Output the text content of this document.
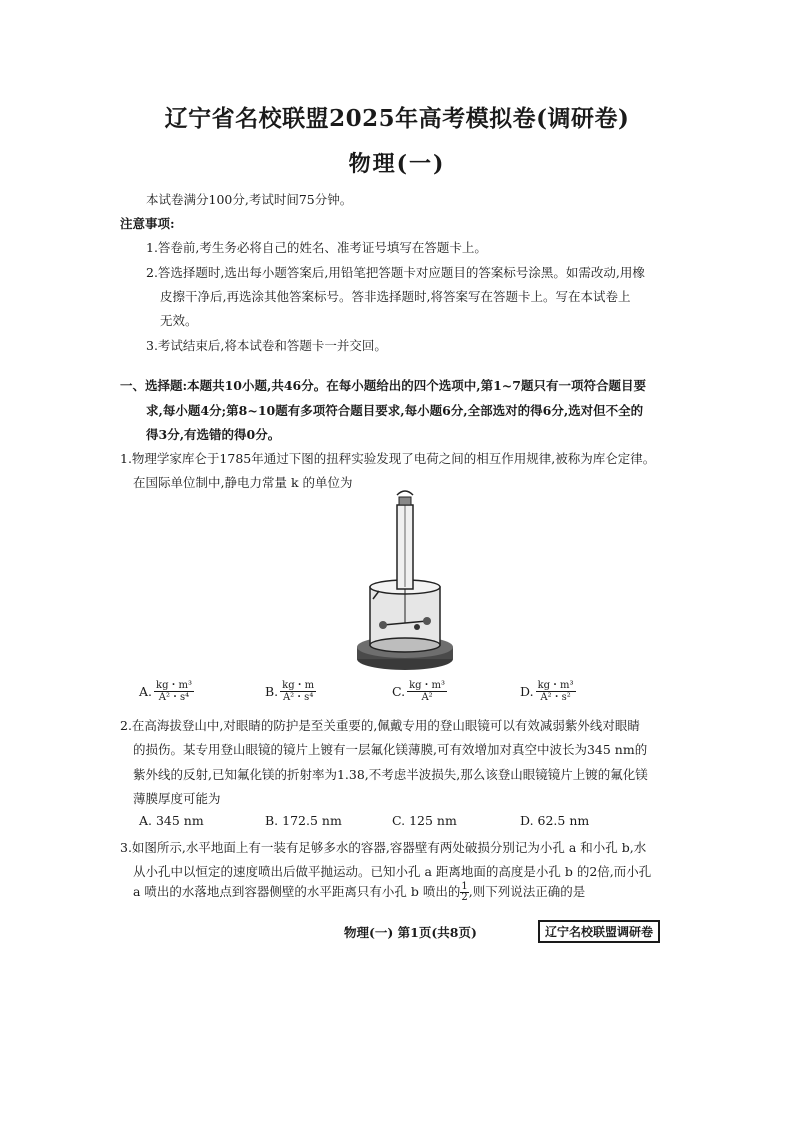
辽宁省名校联盟2025年高考模拟卷(调研卷)
物理(一)
本试卷满分100分,考试时间75分钟。
注意事项:
1.答卷前,考生务必将自己的姓名、准考证号填写在答题卡上。
2.答选择题时,选出每小题答案后,用铅笔把答题卡对应题目的答案标号涂黑。如需改动,用橡
皮擦干净后,再选涂其他答案标号。答非选择题时,将答案写在答题卡上。写在本试卷上
无效。
3.考试结束后,将本试卷和答题卡一并交回。
一、选择题:本题共10小题,共46分。在每小题给出的四个选项中,第1~7题只有一项符合题目要
求,每小题4分;第8~10题有多项符合题目要求,每小题6分,全部选对的得6分,选对但不全的
得3分,有选错的得0分。
1.物理学家库仑于1785年通过下图的扭秤实验发现了电荷之间的相互作用规律,被称为库仑定律。
在国际单位制中,静电力常量 k 的单位为
A. $\frac{\text{kg・m³}}{\text{A²・s⁴}}$	B. $\frac{kg・m}{\text{A²・s⁴}}$	C. $\frac{\text{kg・m³}}{\text{A²}}$	D. $\frac{\text{kg・m³}}{\text{A²・s²}}$
2.在高海拔登山中,对眼睛的防护是至关重要的,佩戴专用的登山眼镜可以有效减弱紫外线对眼睛
的损伤。某专用登山眼镜的镜片上镀有一层氟化镁薄膜,可有效增加对真空中波长为345 nm的
紫外线的反射,已知氟化镁的折射率为1.38,不考虑半波损失,那么该登山眼镜镜片上镀的氟化镁
薄膜厚度可能为
A. 345 nm	B. 172.5 nm	C. 125 nm	D. 62.5 nm
3.如图所示,水平地面上有一装有足够多水的容器,容器壁有两处破损分别记为小孔 a 和小孔 b,水
从小孔中以恒定的速度喷出后做平抛运动。已知小孔 a 距离地面的高度是小孔 b 的2倍,而小孔
a 喷出的水落地点到容器侧壁的水平距离只有小孔 b 喷出的 $\frac{1}{2}$,则下列说法正确的是
物理(一) 第1页(共8页)	辽宁名校联盟调研卷
